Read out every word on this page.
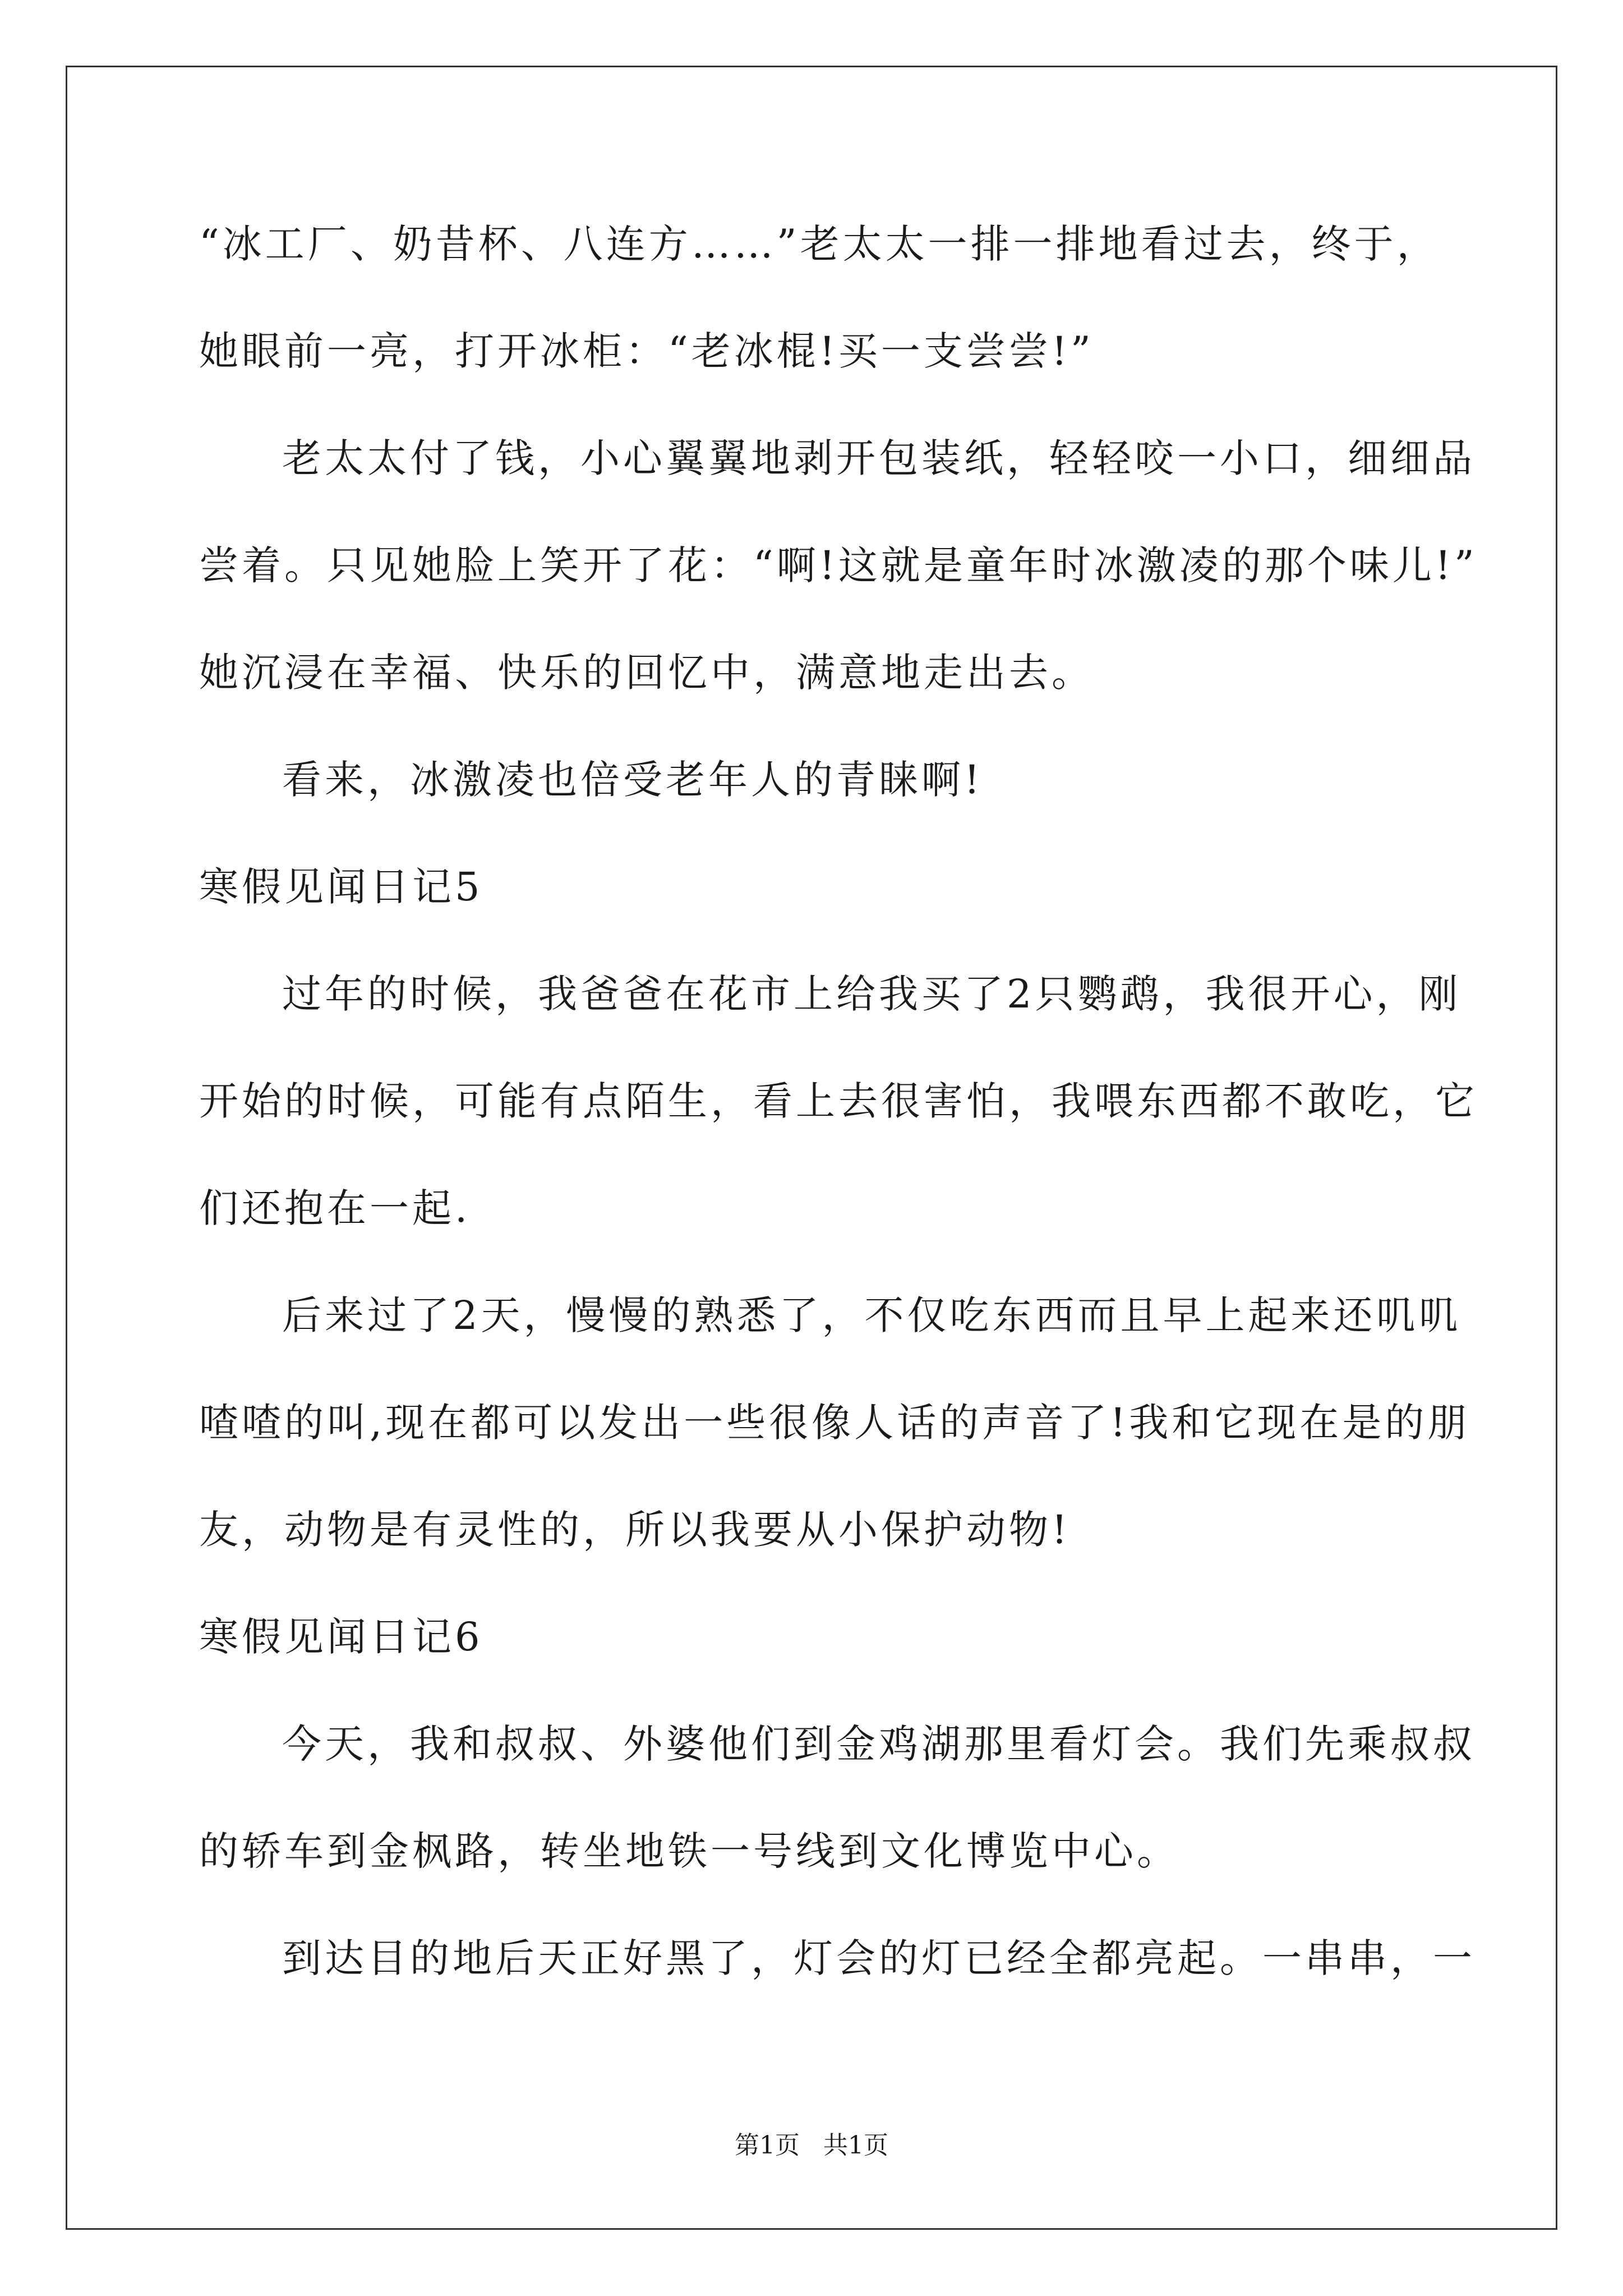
“冰工厂、奶昔杯、八连方……”老太太一排一排地看过去，终于，
她眼前一亮，打开冰柜：“老冰棍!买一支尝尝!”
老太太付了钱，小心翼翼地剥开包装纸，轻轻咬一小口，细细品
尝着。只见她脸上笑开了花：“啊!这就是童年时冰激凌的那个味儿!”
她沉浸在幸福、快乐的回忆中，满意地走出去。
看来，冰激凌也倍受老年人的青睐啊!
寒假见闻日记5
过年的时候，我爸爸在花市上给我买了2只鹦鹉，我很开心，刚
开始的时候，可能有点陌生，看上去很害怕，我喂东西都不敢吃，它
们还抱在一起.
后来过了2天，慢慢的熟悉了，不仅吃东西而且早上起来还叽叽
喳喳的叫,现在都可以发出一些很像人话的声音了!我和它现在是的朋
友，动物是有灵性的，所以我要从小保护动物!
寒假见闻日记6
今天，我和叔叔、外婆他们到金鸡湖那里看灯会。我们先乘叔叔
的轿车到金枫路，转坐地铁一号线到文化博览中心。
到达目的地后天正好黑了，灯会的灯已经全都亮起。一串串，一
第1页 共1页
